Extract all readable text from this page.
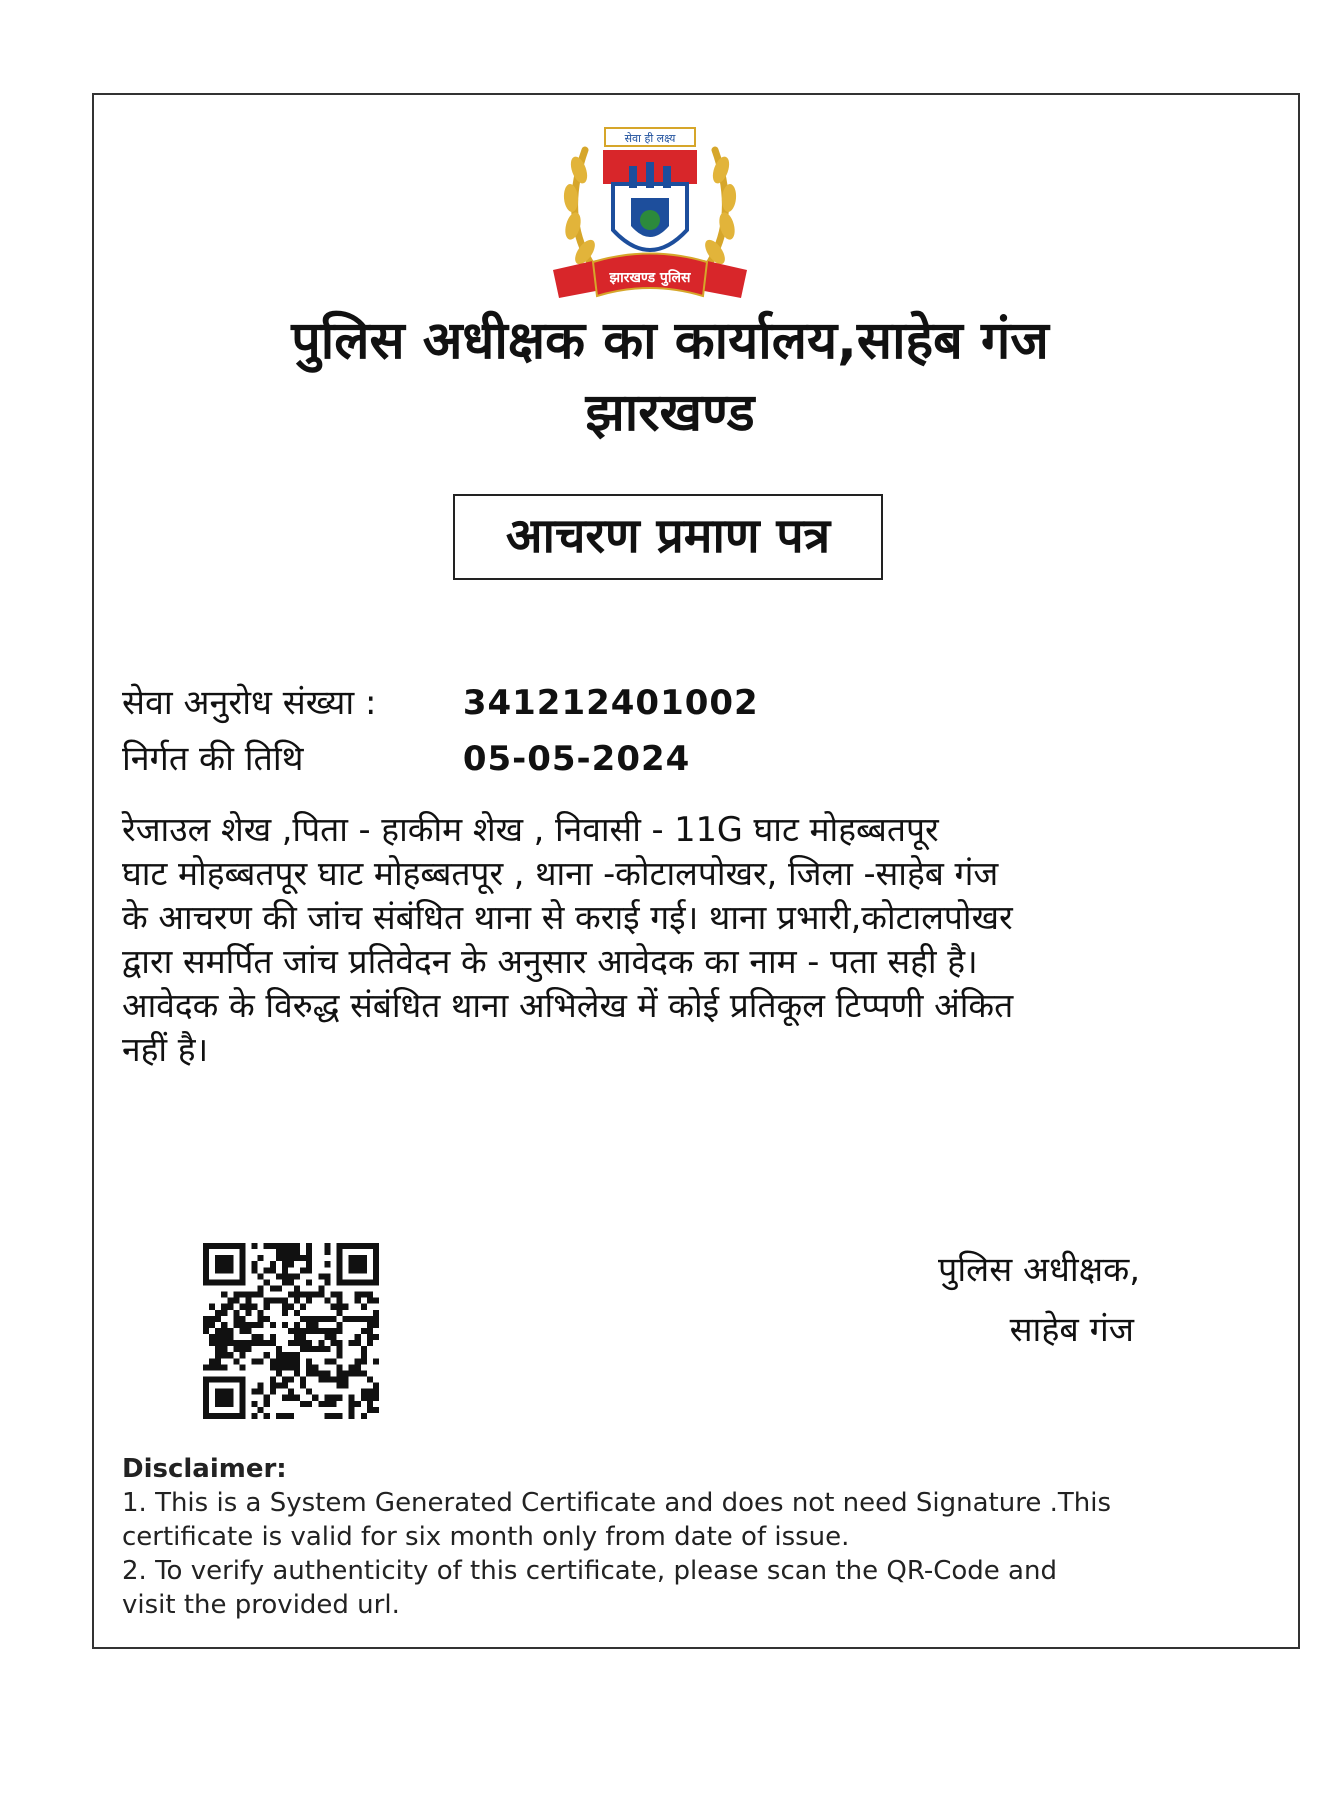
सेवा ही लक्ष्य
झारखण्ड पुलिस
पुलिस अधीक्षक का कार्यालय,साहेब गंज
झारखण्ड
आचरण प्रमाण पत्र
सेवा अनुरोध संख्या :	341212401002
निर्गत की तिथि	05-05-2024
रेजाउल शेख ,पिता - हाकीम शेख , निवासी - 11G घाट मोहब्बतपूर
घाट मोहब्बतपूर घाट मोहब्बतपूर , थाना -कोटालपोखर, जिला -साहेब गंज
के आचरण की जांच संबंधित थाना से कराई गई। थाना प्रभारी,कोटालपोखर
द्वारा समर्पित जांच प्रतिवेदन के अनुसार आवेदक का नाम - पता सही है।
आवेदक के विरुद्ध संबंधित थाना अभिलेख में कोई प्रतिकूल टिप्पणी अंकित
नहीं है।
पुलिस अधीक्षक,
साहेब गंज
Disclaimer:
1. This is a System Generated Certificate and does not need Signature .This
certificate is valid for six month only from date of issue.
2. To verify authenticity of this certificate, please scan the QR-Code and
visit the provided url.
